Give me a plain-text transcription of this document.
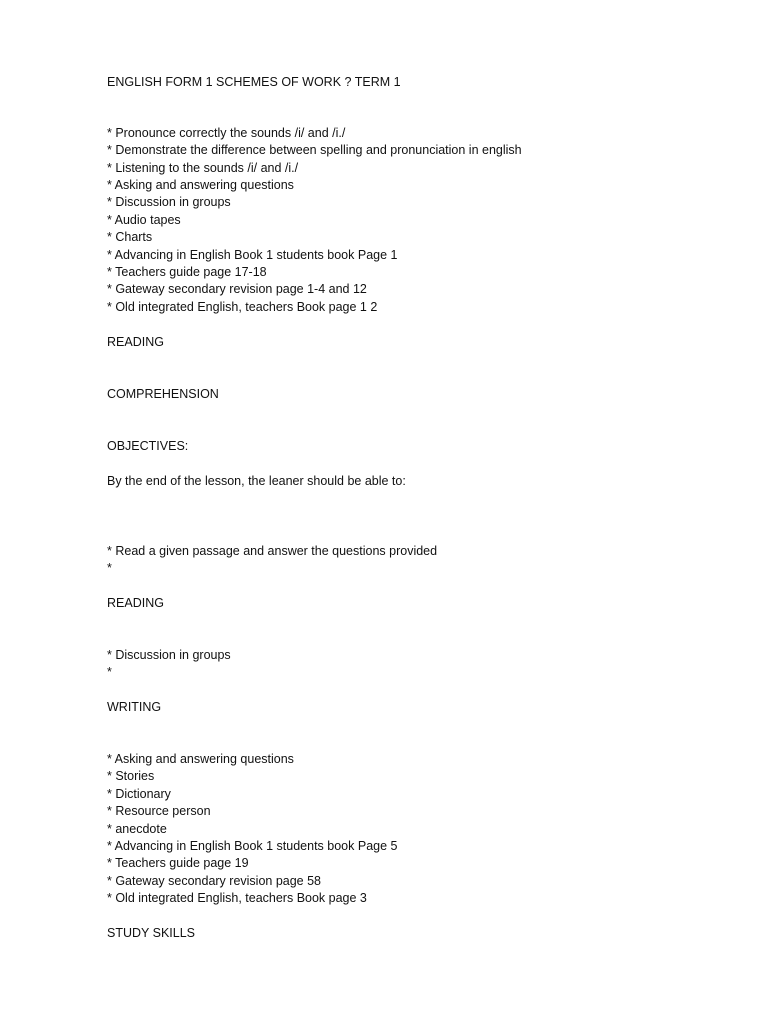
ENGLISH FORM 1 SCHEMES OF WORK ? TERM 1
* Pronounce correctly the sounds /i/ and /i./
* Demonstrate the difference between spelling and pronunciation in english
* Listening to the sounds /i/ and /i./
* Asking and answering questions
* Discussion in groups
* Audio tapes
* Charts
* Advancing in English Book 1 students book Page 1
* Teachers guide page 17-18
* Gateway secondary revision page 1-4 and 12
* Old integrated English, teachers Book page 1 2
READING
COMPREHENSION
OBJECTIVES:
By the end of the lesson, the leaner should be able to:
* Read a given passage and answer the questions provided
*
READING
* Discussion in groups
*
WRITING
* Asking and answering questions
* Stories
* Dictionary
* Resource person
* anecdote
* Advancing in English Book 1 students book Page 5
* Teachers guide page 19
* Gateway secondary revision page 58
* Old integrated English, teachers Book page 3
STUDY SKILLS
